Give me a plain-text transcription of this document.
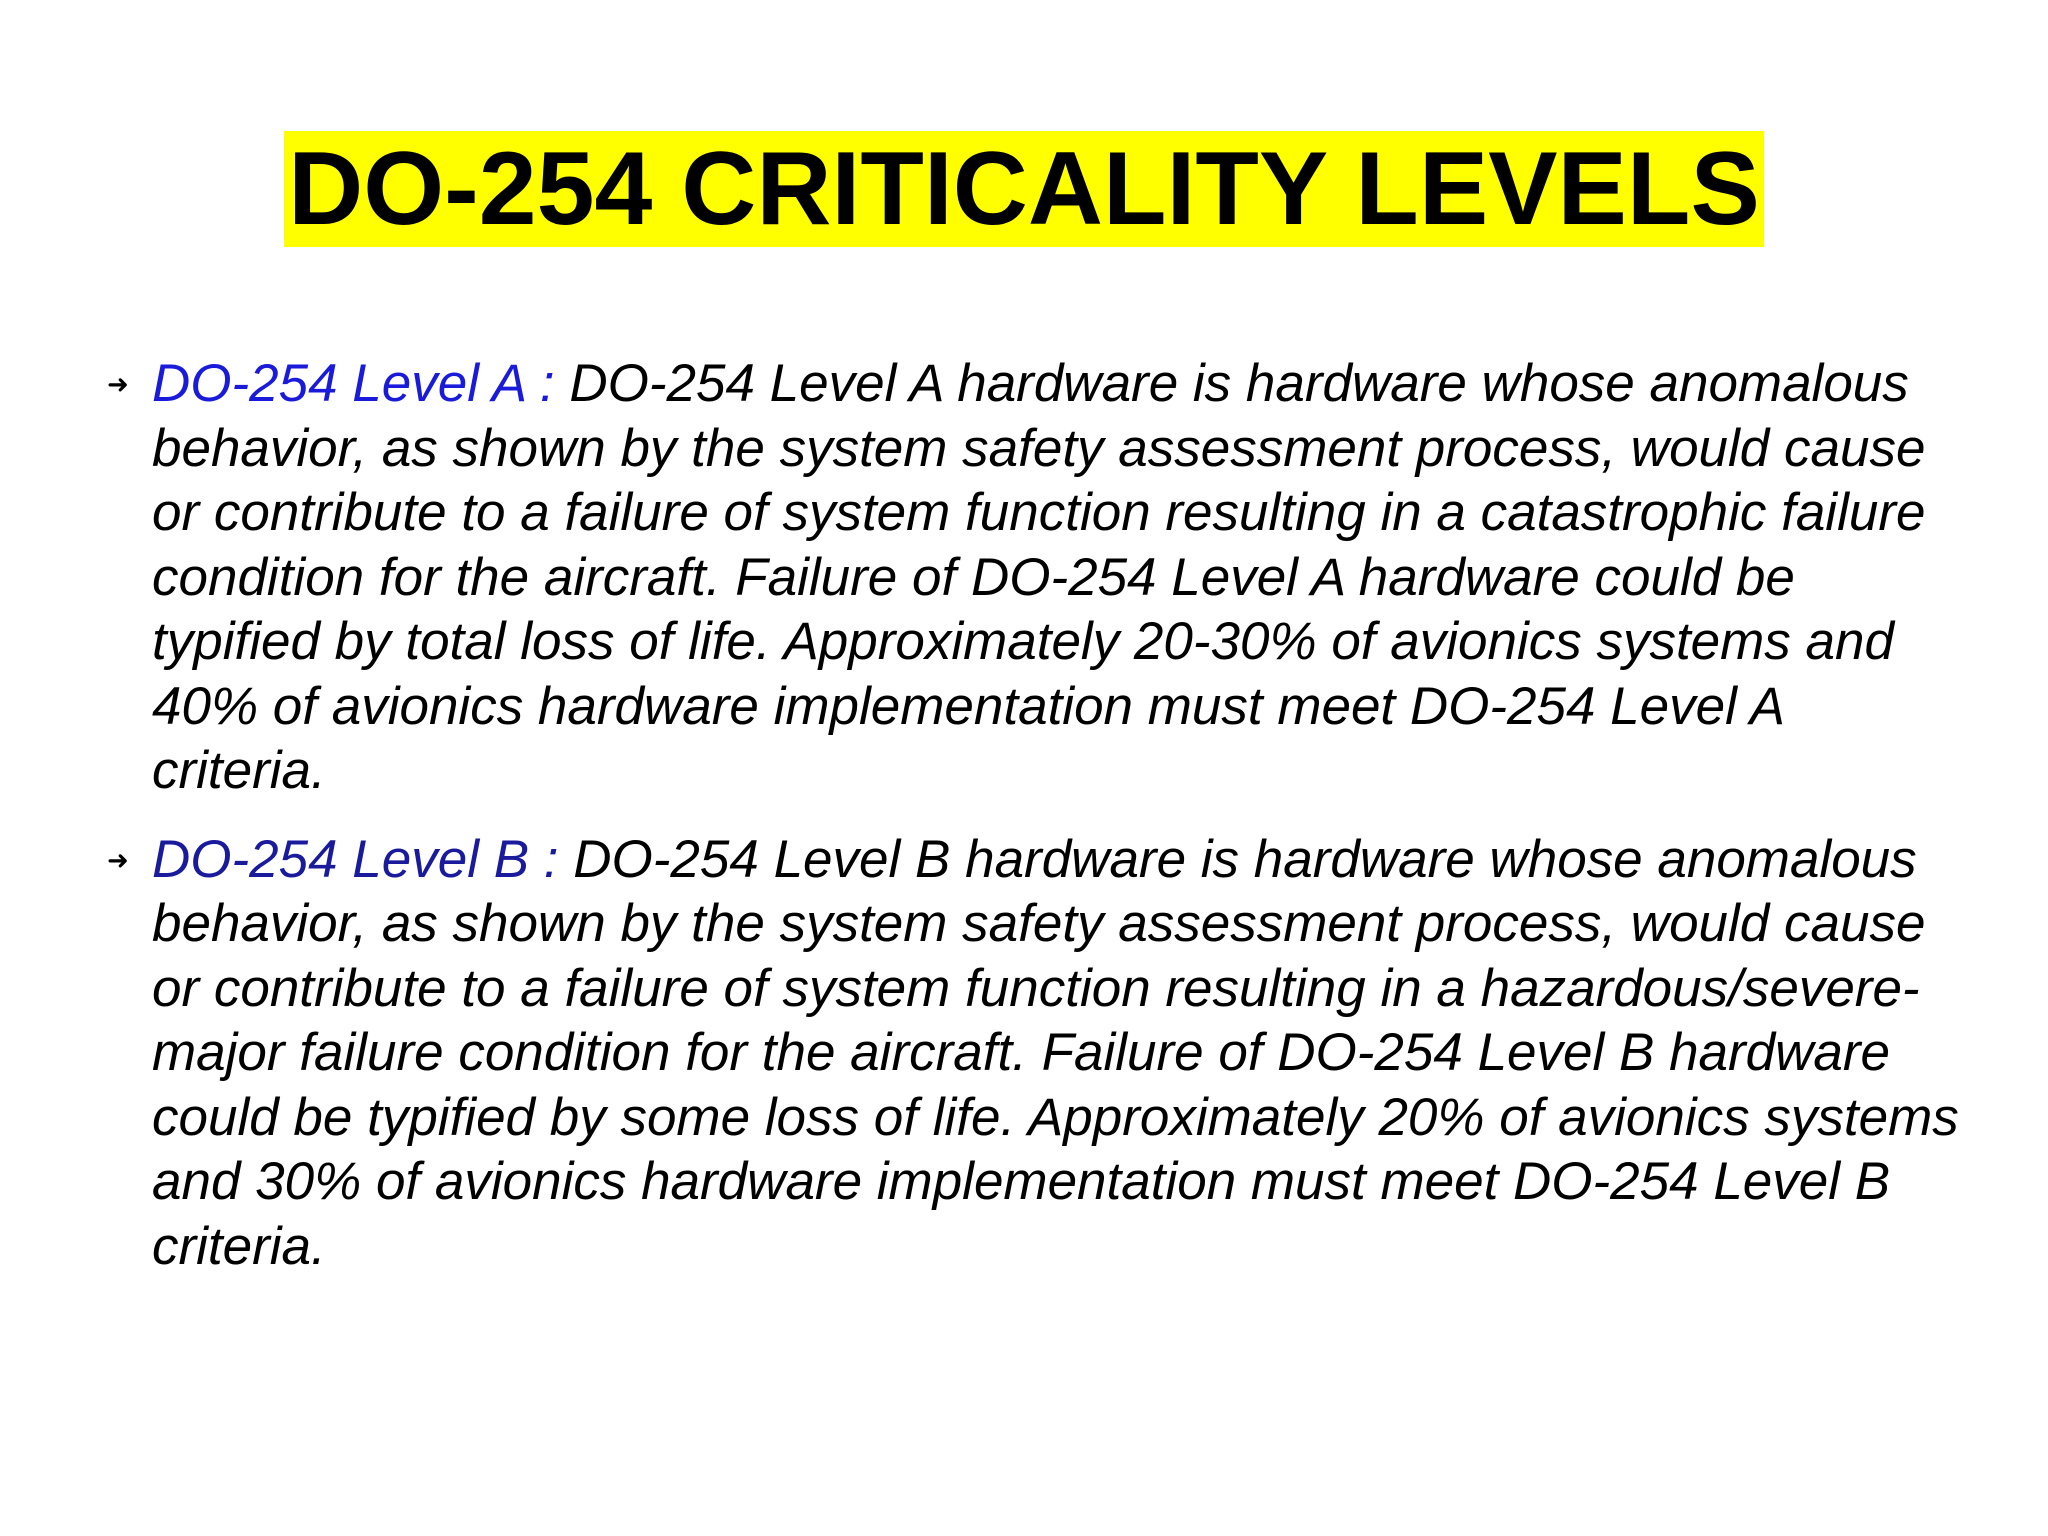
DO-254 CRITICALITY LEVELS
➜ DO-254 Level A : DO-254 Level A hardware is hardware whose anomalous behavior, as shown by the system safety assessment process, would cause or contribute to a failure of system function resulting in a catastrophic failure condition for the aircraft. Failure of DO-254 Level A hardware could be typified by total loss of life. Approximately 20-30% of avionics systems and 40% of avionics hardware implementation must meet DO-254 Level A criteria.
➜ DO-254 Level B : DO-254 Level B hardware is hardware whose anomalous behavior, as shown by the system safety assessment process, would cause or contribute to a failure of system function resulting in a hazardous/severe-major failure condition for the aircraft. Failure of DO-254 Level B hardware could be typified by some loss of life. Approximately 20% of avionics systems and 30% of avionics hardware implementation must meet DO-254 Level B criteria.
